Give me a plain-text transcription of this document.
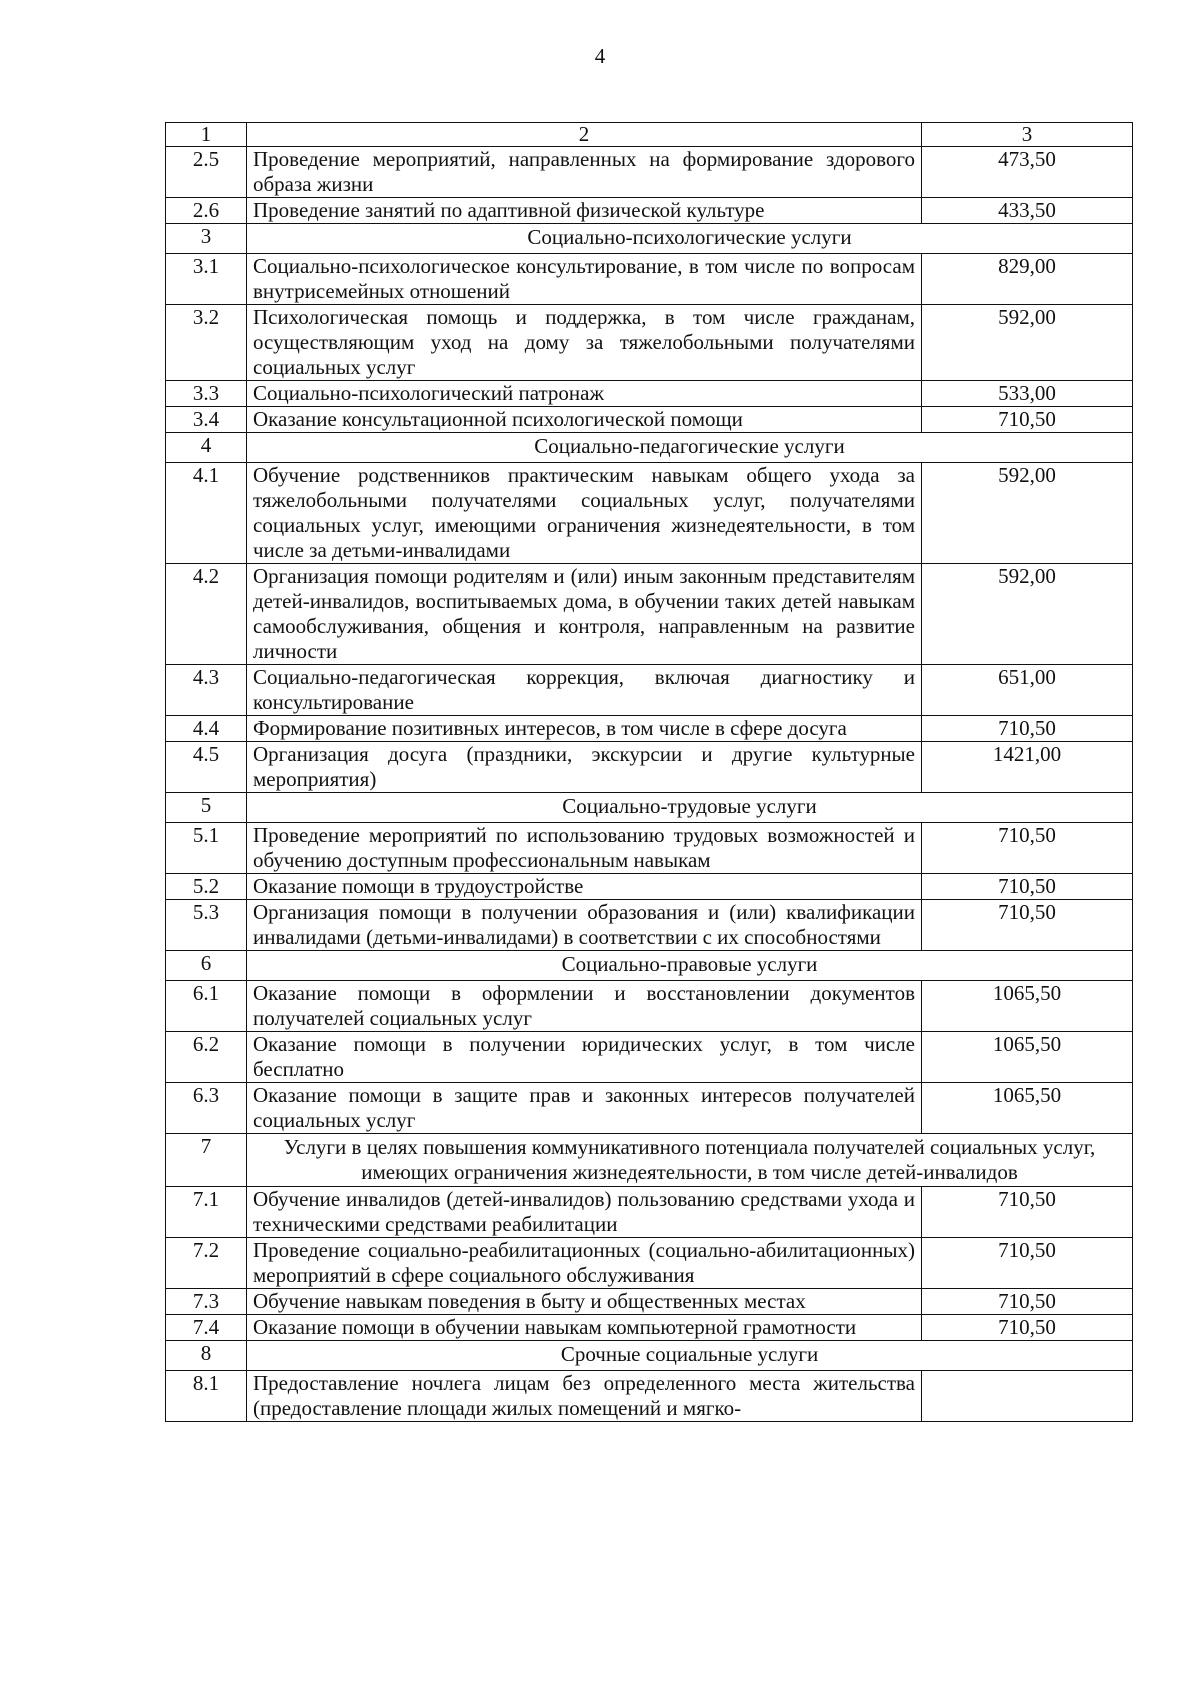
4
1	2	3
2.5	Проведение мероприятий, направленных на формирование здорового образа жизни	473,50
2.6	Проведение занятий по адаптивной физической культуре	433,50
3	Социально-психологические услуги	
3.1	Социально-психологическое консультирование, в том числе по вопросам внутрисемейных отношений	829,00
3.2	Психологическая помощь и поддержка, в том числе гражданам, осуществляющим уход на дому за тяжелобольными получателями социальных услуг	592,00
3.3	Социально-психологический патронаж	533,00
3.4	Оказание консультационной психологической помощи	710,50
4	Социально-педагогические услуги	
4.1	Обучение родственников практическим навыкам общего ухода за тяжелобольными получателями социальных услуг, получателями социальных услуг, имеющими ограничения жизнедеятельности, в том числе за детьми-инвалидами	592,00
4.2	Организация помощи родителям и (или) иным законным представителям детей-инвалидов, воспитываемых дома, в обучении таких детей навыкам самообслуживания, общения и контроля, направленным на развитие личности	592,00
4.3	Социально-педагогическая коррекция, включая диагностику и консультирование	651,00
4.4	Формирование позитивных интересов, в том числе в сфере досуга	710,50
4.5	Организация досуга (праздники, экскурсии и другие культурные мероприятия)	1421,00
5	Социально-трудовые услуги	
5.1	Проведение мероприятий по использованию трудовых возможностей и обучению доступным профессиональным навыкам	710,50
5.2	Оказание помощи в трудоустройстве	710,50
5.3	Организация помощи в получении образования и (или) квалификации инвалидами (детьми-инвалидами) в соответствии с их способностями	710,50
6	Социально-правовые услуги	
6.1	Оказание помощи в оформлении и восстановлении документов получателей социальных услуг	1065,50
6.2	Оказание помощи в получении юридических услуг, в том числе бесплатно	1065,50
6.3	Оказание помощи в защите прав и законных интересов получателей социальных услуг	1065,50
7	Услуги в целях повышения коммуникативного потенциала получателей социальных услуг, имеющих ограничения жизнедеятельности, в том числе детей-инвалидов	
7.1	Обучение инвалидов (детей-инвалидов) пользованию средствами ухода и техническими средствами реабилитации	710,50
7.2	Проведение социально-реабилитационных (социально-абилитационных) мероприятий в сфере социального обслуживания	710,50
7.3	Обучение навыкам поведения в быту и общественных местах	710,50
7.4	Оказание помощи в обучении навыкам компьютерной грамотности	710,50
8	Срочные социальные услуги	
8.1	Предоставление ночлега лицам без определенного места жительства (предоставление площади жилых помещений и мягко-	
